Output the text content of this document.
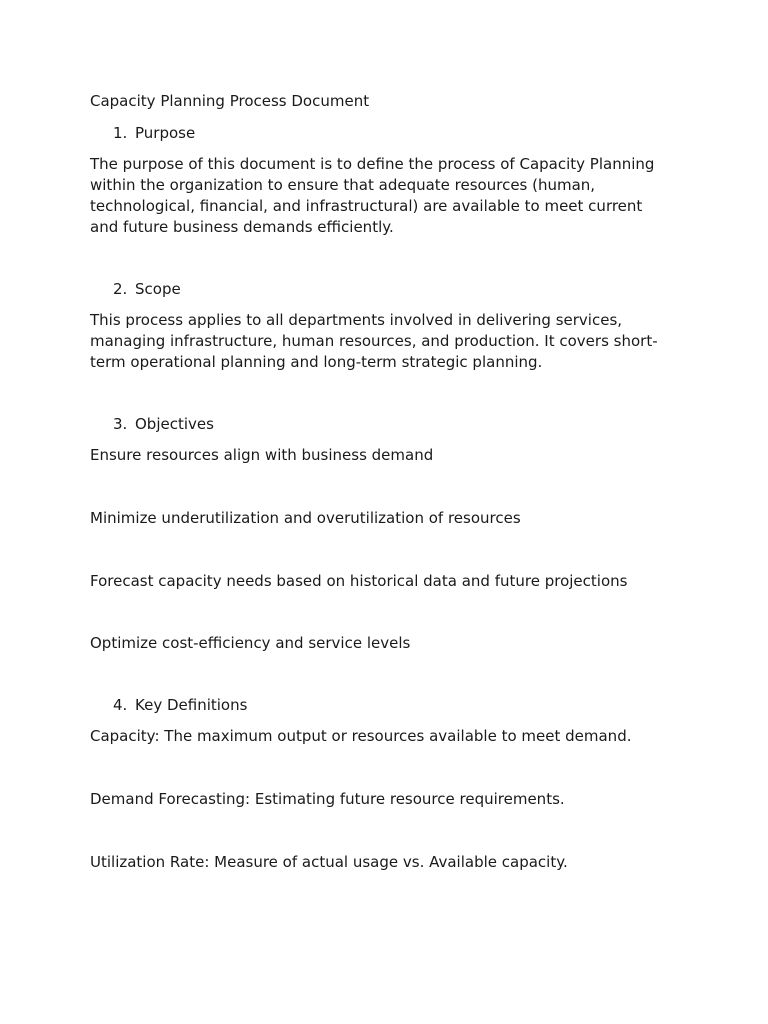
Capacity Planning Process Document

1. Purpose

The purpose of this document is to define the process of Capacity Planning within the organization to ensure that adequate resources (human, technological, financial, and infrastructural) are available to meet current and future business demands efficiently.

2. Scope

This process applies to all departments involved in delivering services, managing infrastructure, human resources, and production. It covers short-term operational planning and long-term strategic planning.

3. Objectives

Ensure resources align with business demand

Minimize underutilization and overutilization of resources

Forecast capacity needs based on historical data and future projections

Optimize cost-efficiency and service levels

4. Key Definitions

Capacity: The maximum output or resources available to meet demand.

Demand Forecasting: Estimating future resource requirements.

Utilization Rate: Measure of actual usage vs. Available capacity.
